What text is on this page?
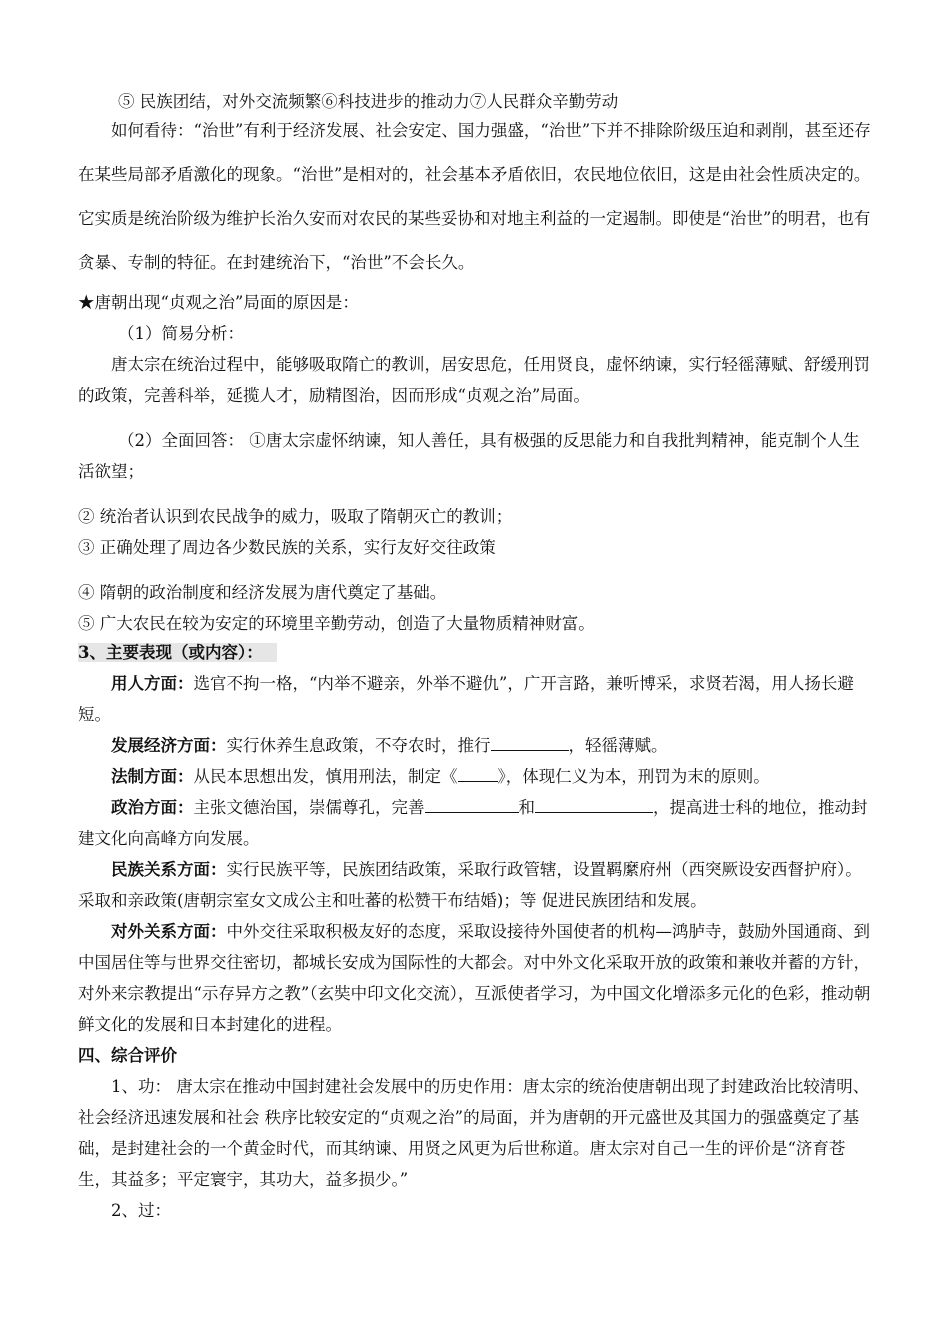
⑤ 民族团结，对外交流频繁⑥科技进步的推动力⑦人民群众辛勤劳动

如何看待：“治世”有利于经济发展、社会安定、国力强盛，“治世”下并不排除阶级压迫和剥削，甚至还存在某些局部矛盾激化的现象。“治世”是相对的，社会基本矛盾依旧，农民地位依旧，这是由社会性质决定的。它实质是统治阶级为维护长治久安而对农民的某些妥协和对地主利益的一定遏制。即使是“治世”的明君，也有贪暴、专制的特征。在封建统治下，“治世”不会长久。

★唐朝出现“贞观之治”局面的原因是：

（1）简易分析：

唐太宗在统治过程中，能够吸取隋亡的教训，居安思危，任用贤良，虚怀纳谏，实行轻徭薄赋、舒缓刑罚的政策，完善科举，延揽人才，励精图治，因而形成“贞观之治”局面。

（2）全面回答： ①唐太宗虚怀纳谏，知人善任，具有极强的反思能力和自我批判精神，能克制个人生活欲望；

② 统治者认识到农民战争的威力，吸取了隋朝灭亡的教训；

③ 正确处理了周边各少数民族的关系，实行友好交往政策

④ 隋朝的政治制度和经济发展为唐代奠定了基础。

⑤ 广大农民在较为安定的环境里辛勤劳动，创造了大量物质精神财富。

3、主要表现（或内容）：

用人方面：选官不拘一格，“内举不避亲，外举不避仇”，广开言路，兼听博采，求贤若渴，用人扬长避短。

发展经济方面：实行休养生息政策，不夺农时，推行	，轻徭薄赋。

法制方面：从民本思想出发，慎用刑法，制定《 》，体现仁义为本，刑罚为末的原则。

政治方面：主张文德治国，崇儒尊孔，完善	和	，提高进士科的地位，推动封建文化向高峰方向发展。

民族关系方面：实行民族平等，民族团结政策，采取行政管辖，设置羁縻府州（西突厥设安西督护府）。采取和亲政策(唐朝宗室女文成公主和吐蕃的松赞干布结婚)；等 促进民族团结和发展。

对外关系方面：中外交往采取积极友好的态度，采取设接待外国使者的机构—鸿胪寺，鼓励外国通商、到中国居住等与世界交往密切，都城长安成为国际性的大都会。对中外文化采取开放的政策和兼收并蓄的方针，对外来宗教提出“示存异方之教”（玄奘中印文化交流），互派使者学习，为中国文化增添多元化的色彩，推动朝鲜文化的发展和日本封建化的进程。

四、综合评价

1、功： 唐太宗在推动中国封建社会发展中的历史作用：唐太宗的统治使唐朝出现了封建政治比较清明、社会经济迅速发展和社会 秩序比较安定的“贞观之治”的局面，并为唐朝的开元盛世及其国力的强盛奠定了基础，是封建社会的一个黄金时代，而其纳谏、用贤之风更为后世称道。唐太宗对自己一生的评价是“济育苍生，其益多；平定寰宇，其功大，益多损少。”

2、过：
